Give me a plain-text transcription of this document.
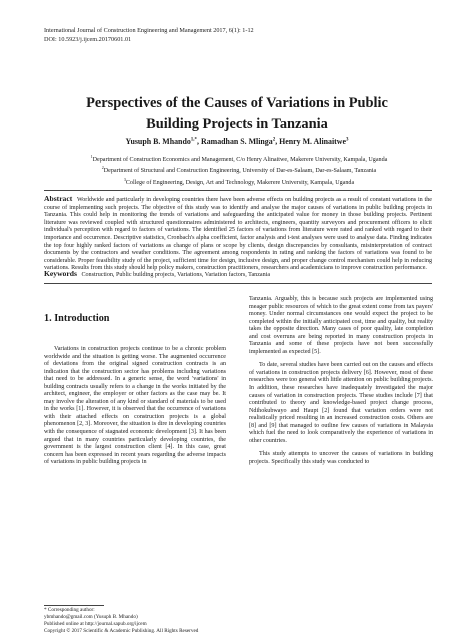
International Journal of Construction Engineering and Management 2017, 6(1): 1-12
DOI: 10.5923/j.ijcem.20170601.01
Perspectives of the Causes of Variations in Public
Building Projects in Tanzania
Yusuph B. Mhando$^{1,*}$, Ramadhan S. Mlinga$^2$, Henry M. Alinaitwe$^3$
$^1$Department of Construction Economics and Management, C/o Henry Alinaitwe, Makerere University, Kampala, Uganda
$^2$Department of Structural and Construction Engineering, University of Dar-es-Salaam, Dar-es-Salaam, Tanzania
$^3$College of Engineering, Design, Art and Technology, Makerere University, Kampala, Uganda
Abstract Worldwide and particularly in developing countries there have been adverse effects on building projects as a result of constant variations in the course of implementing such projects. The objective of this study was to identify and analyse the major causes of variations in public building projects in Tanzania. This could help in monitoring the trends of variations and safeguarding the anticipated value for money in those building projects. Pertinent literature was reviewed coupled with structured questionnaires administered to architects, engineers, quantity surveyors and procurement officers to elicit individual's perception with regard to factors of variations. The identified 25 factors of variations from literature were rated and ranked with regard to their importance and occurrence. Descriptive statistics, Cronbach's alpha coefficient, factor analysis and t-test analyses were used to analyse data. Finding indicates the top four highly ranked factors of variations as change of plans or scope by clients, design discrepancies by consultants, misinterpretation of contract documents by the contractors and weather conditions. The agreement among respondents in rating and ranking the factors of variations was found to be considerable. Proper feasibility study of the project, sufficient time for design, inclusive design, and proper change control mechanism could help in reducing variations. Results from this study should help policy makers, construction practitioners, researchers and academicians to improve construction performance.
Keywords Construction, Public building projects, Variations, Variation factors, Tanzania
1. Introduction

Variations in construction projects continue to be a chronic problem worldwide and the situation is getting worse. The augmented occurrence of deviations from the original signed construction contracts is an indication that the construction sector has problems including variations that need to be addressed. In a generic sense, the word 'variations' in building contracts usually refers to a change in the works initiated by the architect, engineer, the employer or other factors as the case may be. It may involve the alteration of any kind or standard of materials to be used in the works [1]. However, it is observed that the occurrence of variations with their attached effects on construction projects is a global phenomenon [2, 3]. Moreover, the situation is dire in developing countries with the consequence of stagnated economic development [3]. It has been argued that in many countries particularly developing countries, the government is the largest construction client [4]. In this case, great concern has been expressed in recent years regarding the adverse impacts of variations in public building projects in

Tanzania. Arguably, this is because such projects are implemented using meager public resources of which to the great extent come from tax payers' money. Under normal circumstances one would expect the project to be completed within the initially anticipated cost, time and quality, but reality takes the opposite direction. Many cases of poor quality, late completion and cost overruns are being reported in many construction projects in Tanzania and some of these projects have not been successfully implemented as expected [5].

To date, several studies have been carried out on the causes and effects of variations in construction projects delivery [6]. However, most of these researches were too general with little attention on public building projects. In addition, these researches have inadequately investigated the major causes of variation in construction projects. These studies include [7] that contributed to theory and knowledge-based project change process, Ndihokubwayo and Haupt [2] found that variation orders were not realistically priced resulting in an increased construction costs. Others are [8] and [9] that managed to outline few causes of variations in Malaysia which fuel the need to look comparatively the experience of variations in other countries.

This study attempts to uncover the causes of variations in building projects. Specifically this study was conducted to

* Corresponding author:
ybmhando@gmail.com (Yusuph B. Mhando)
Published online at http://journal.sapub.org/ijcem
Copyright © 2017 Scientific & Academic Publishing. All Rights Reserved
